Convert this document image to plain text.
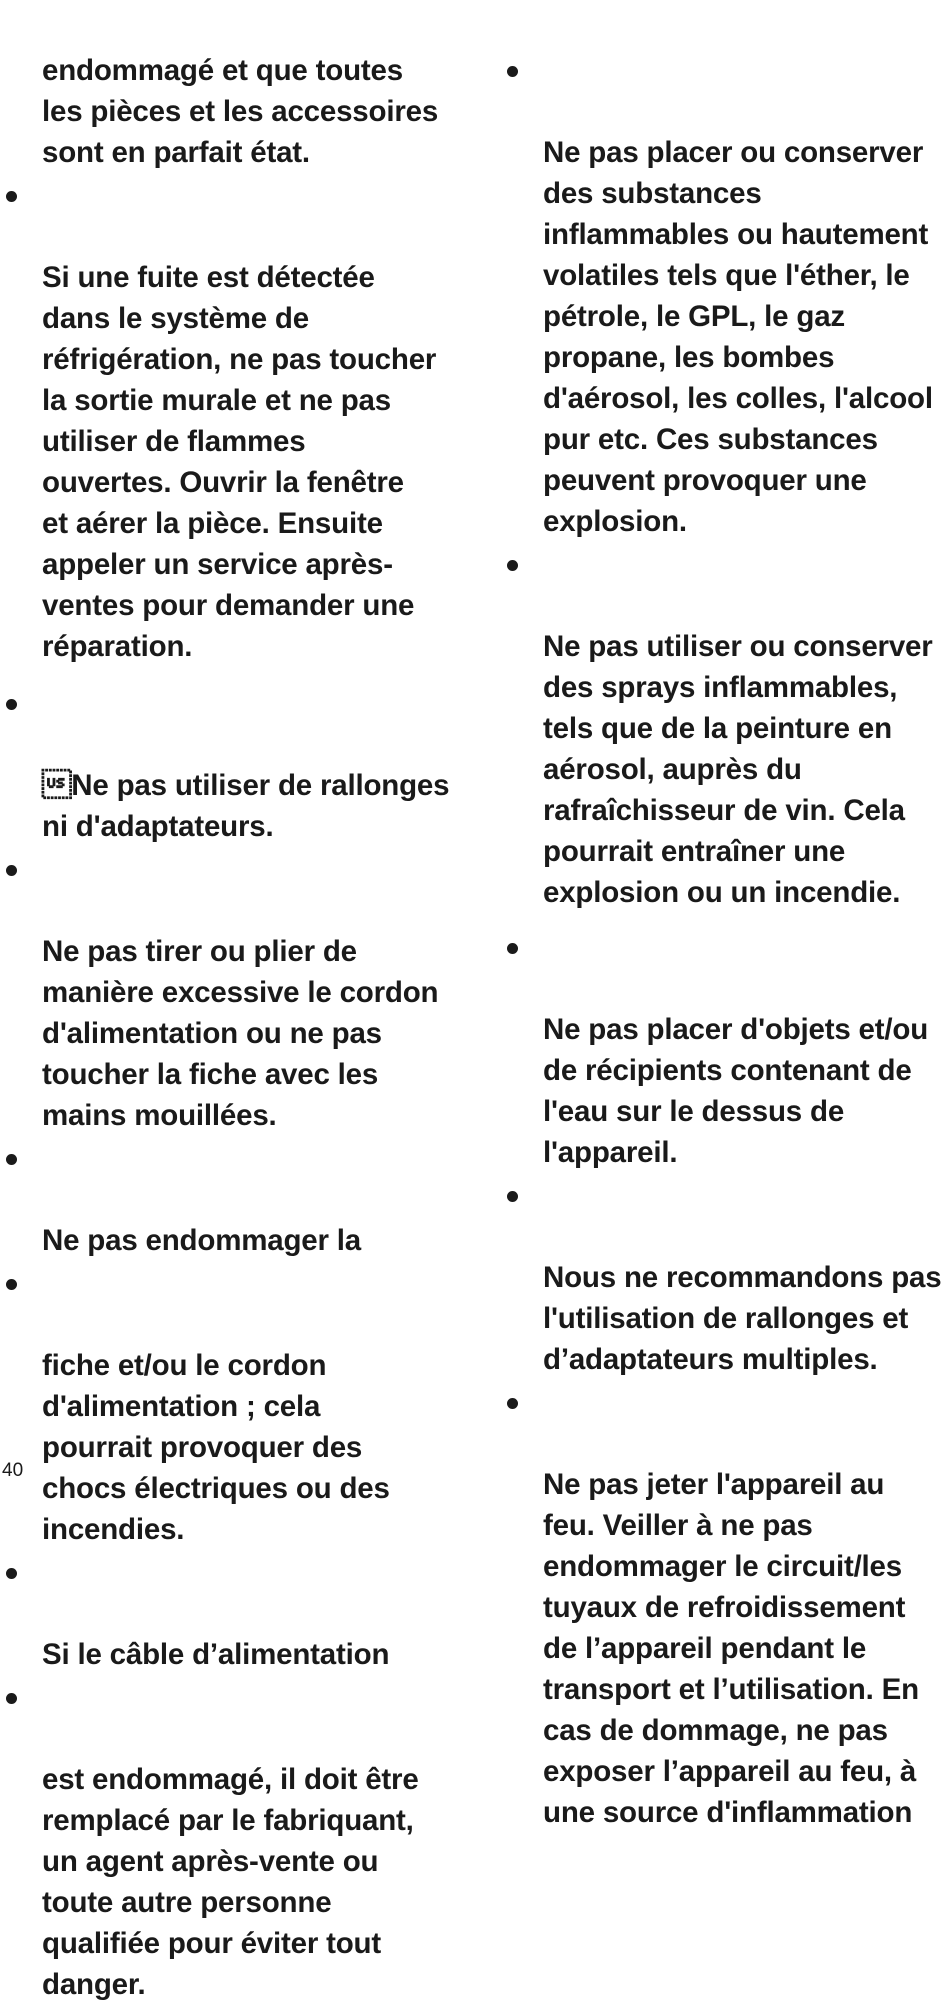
endommagé et que toutes
les pièces et les accessoires
sont en parfait état.

Si une fuite est détectée
dans le système de
réfrigération, ne pas toucher
la sortie murale et ne pas
utiliser de flammes
ouvertes. Ouvrir la fenêtre
et aérer la pièce. Ensuite
appeler un service après-
ventes pour demander une
réparation.

Ne pas utiliser de rallonges
ni d'adaptateurs.

Ne pas tirer ou plier de
manière excessive le cordon
d'alimentation ou ne pas
toucher la fiche avec les
mains mouillées.

Ne pas endommager la

fiche et/ou le cordon
d'alimentation ; cela
pourrait provoquer des
chocs électriques ou des
incendies.

Si le câble d’alimentation

est endommagé, il doit être
remplacé par le fabriquant,
un agent après-vente ou
toute autre personne
qualifiée pour éviter tout
danger.

Ne pas placer ou conserver
des substances
inflammables ou hautement
volatiles tels que l'éther, le
pétrole, le GPL, le gaz
propane, les bombes
d'aérosol, les colles, l'alcool
pur etc. Ces substances
peuvent provoquer une
explosion.

Ne pas utiliser ou conserver
des sprays inflammables,
tels que de la peinture en
aérosol, auprès du
rafraîchisseur de vin. Cela
pourrait entraîner une
explosion ou un incendie.

Ne pas placer d'objets et/ou
de récipients contenant de
l'eau sur le dessus de
l'appareil.

Nous ne recommandons pas
l'utilisation de rallonges et
d’adaptateurs multiples.

Ne pas jeter l'appareil au
feu. Veiller à ne pas
endommager le circuit/les
tuyaux de refroidissement
de l’appareil pendant le
transport et l’utilisation. En
cas de dommage, ne pas
exposer l’appareil au feu, à
une source d'inflammation

40
